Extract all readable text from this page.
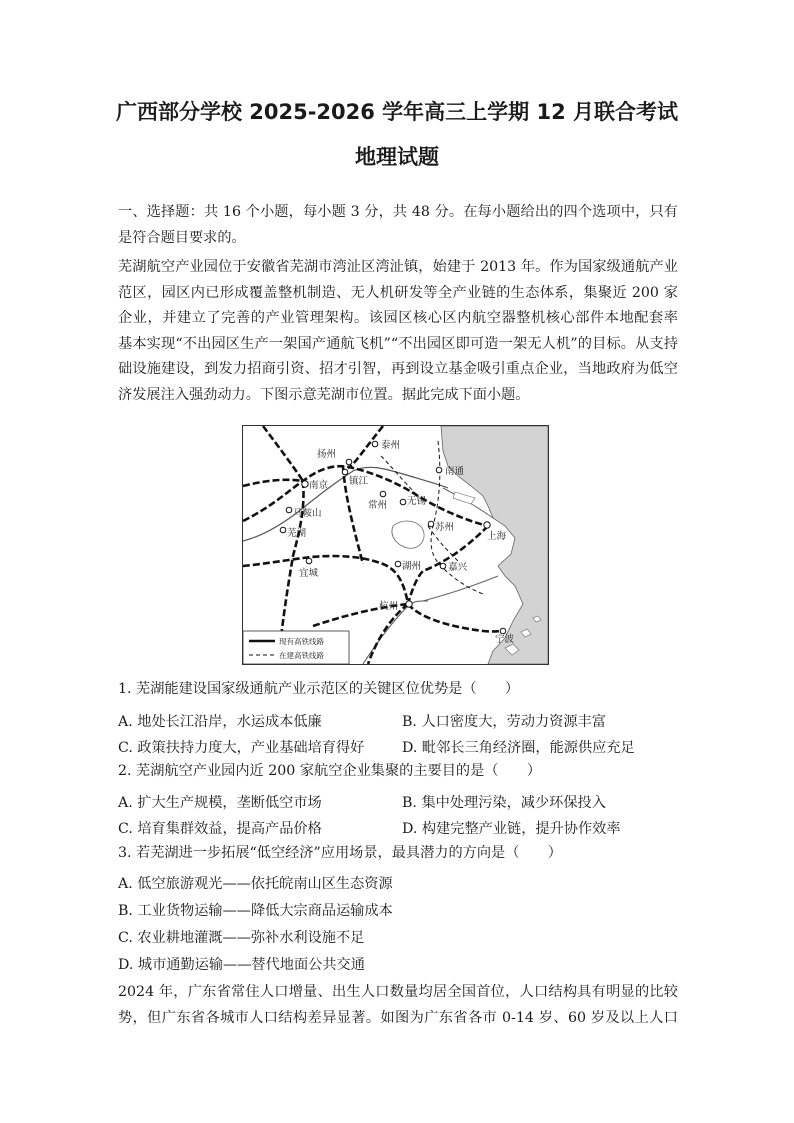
广西部分学校 2025-2026 学年高三上学期 12 月联合考试
地理试题
一、选择题：共 16 个小题，每小题 3 分，共 48 分。在每小题给出的四个选项中，只有
是符合题目要求的。
芜湖航空产业园位于安徽省芜湖市湾沚区湾沚镇，始建于 2013 年。作为国家级通航产业
范区，园区内已形成覆盖整机制造、无人机研发等全产业链的生态体系，集聚近 200 家
企业，并建立了完善的产业管理架构。该园区核心区内航空器整机核心部件本地配套率
基本实现“不出园区生产一架国产通航飞机”“不出园区即可造一架无人机”的目标。从支持
础设施建设，到发力招商引资、招才引智，再到设立基金吸引重点企业，当地政府为低空
济发展注入强劲动力。下图示意芜湖市位置。据此完成下面小题。
现有高铁线路
在建高铁线路
扬州
泰州
南通
镇江
南京
常州 无锡
马鞍山
苏州
上海
芜湖
湖州	嘉兴
宜城
杭州
宁波
1. 芜湖能建设国家级通航产业示范区的关键区位优势是（　　）
A. 地处长江沿岸，水运成本低廉	B. 人口密度大，劳动力资源丰富
C. 政策扶持力度大，产业基础培育得好	D. 毗邻长三角经济圈，能源供应充足
2. 芜湖航空产业园内近 200 家航空企业集聚的主要目的是（　　）
A. 扩大生产规模，垄断低空市场	B. 集中处理污染，减少环保投入
C. 培育集群效益，提高产品价格	D. 构建完整产业链，提升协作效率
3. 若芜湖进一步拓展“低空经济”应用场景，最具潜力的方向是（　　）
A. 低空旅游观光——依托皖南山区生态资源
B. 工业货物运输——降低大宗商品运输成本
C. 农业耕地灌溉——弥补水利设施不足
D. 城市通勤运输——替代地面公共交通
2024 年，广东省常住人口增量、出生人口数量均居全国首位，人口结构具有明显的比较
势，但广东省各城市人口结构差异显著。如图为广东省各市 0-14 岁、60 岁及以上人口
